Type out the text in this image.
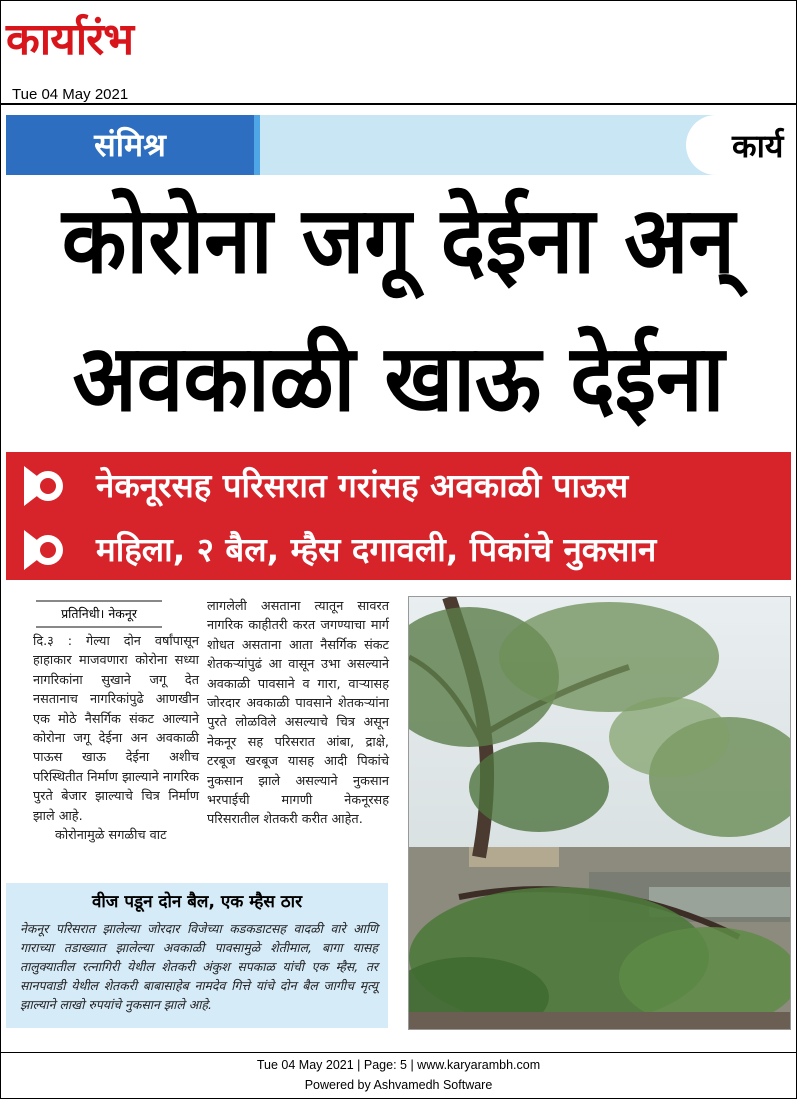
कार्यारंभ
Tue 04 May 2021
संमिश्र	कार्य
कोरोना जगू देईना अन्
अवकाळी खाऊ देईना
नेकनूरसह परिसरात गरांसह अवकाळी पाऊस
महिला, २ बैल, म्हैस दगावली, पिकांचे नुकसान
प्रतिनिधी। नेकनूर

दि.३ : गेल्या दोन वर्षांपासून हाहाकार माजवणारा कोरोना सध्या नागरिकांना सुखाने जगू देत नसतानाच नागरिकांपुढे आणखीन एक मोठे नैसर्गिक संकट आल्याने कोरोना जगू देईना अन अवकाळी पाऊस खाऊ देईना अशीच परिस्थितीत निर्माण झाल्याने नागरिक पुरते बेजार झाल्याचे चित्र निर्माण झाले आहे.

कोरोनामुळे सगळीच वाट

लागलेली असताना त्यातून सावरत नागरिक काहीतरी करत जगण्याचा मार्ग शोधत असताना आता नैसर्गिक संकट शेतकऱ्यांपुढं आ वासून उभा असल्याने अवकाळी पावसाने व गारा, वाऱ्यासह जोरदार अवकाळी पावसाने शेतकऱ्यांना पुरते लोळविले असल्याचे चित्र असून नेकनूर सह परिसरात आंबा, द्राक्षे, टरबूज खरबूज यासह आदी पिकांचे नुकसान झाले असल्याने नुकसान भरपाईची मागणी नेकनूरसह परिसरातील शेतकरी करीत आहेत.

वीज पडून दोन बैल, एक म्हैस ठार
नेकनूर परिसरात झालेल्या जोरदार विजेच्या कडकडाटसह वादळी वारे आणि गाराच्या तडाख्यात झालेल्या अवकाळी पावसामुळे शेतीमाल, बागा यासह तालुक्यातील रत्नागिरी येथील शेतकरी अंकुश सपकाळ यांची एक म्हैस, तर सानपवाडी येथील शेतकरी बाबासाहेब नामदेव गित्ते यांचे दोन बैल जागीच मृत्यू झाल्याने लाखो रुपयांचे नुकसान झाले आहे.
Tue 04 May 2021 | Page: 5 | www.karyarambh.com
Powered by Ashvamedh Software
